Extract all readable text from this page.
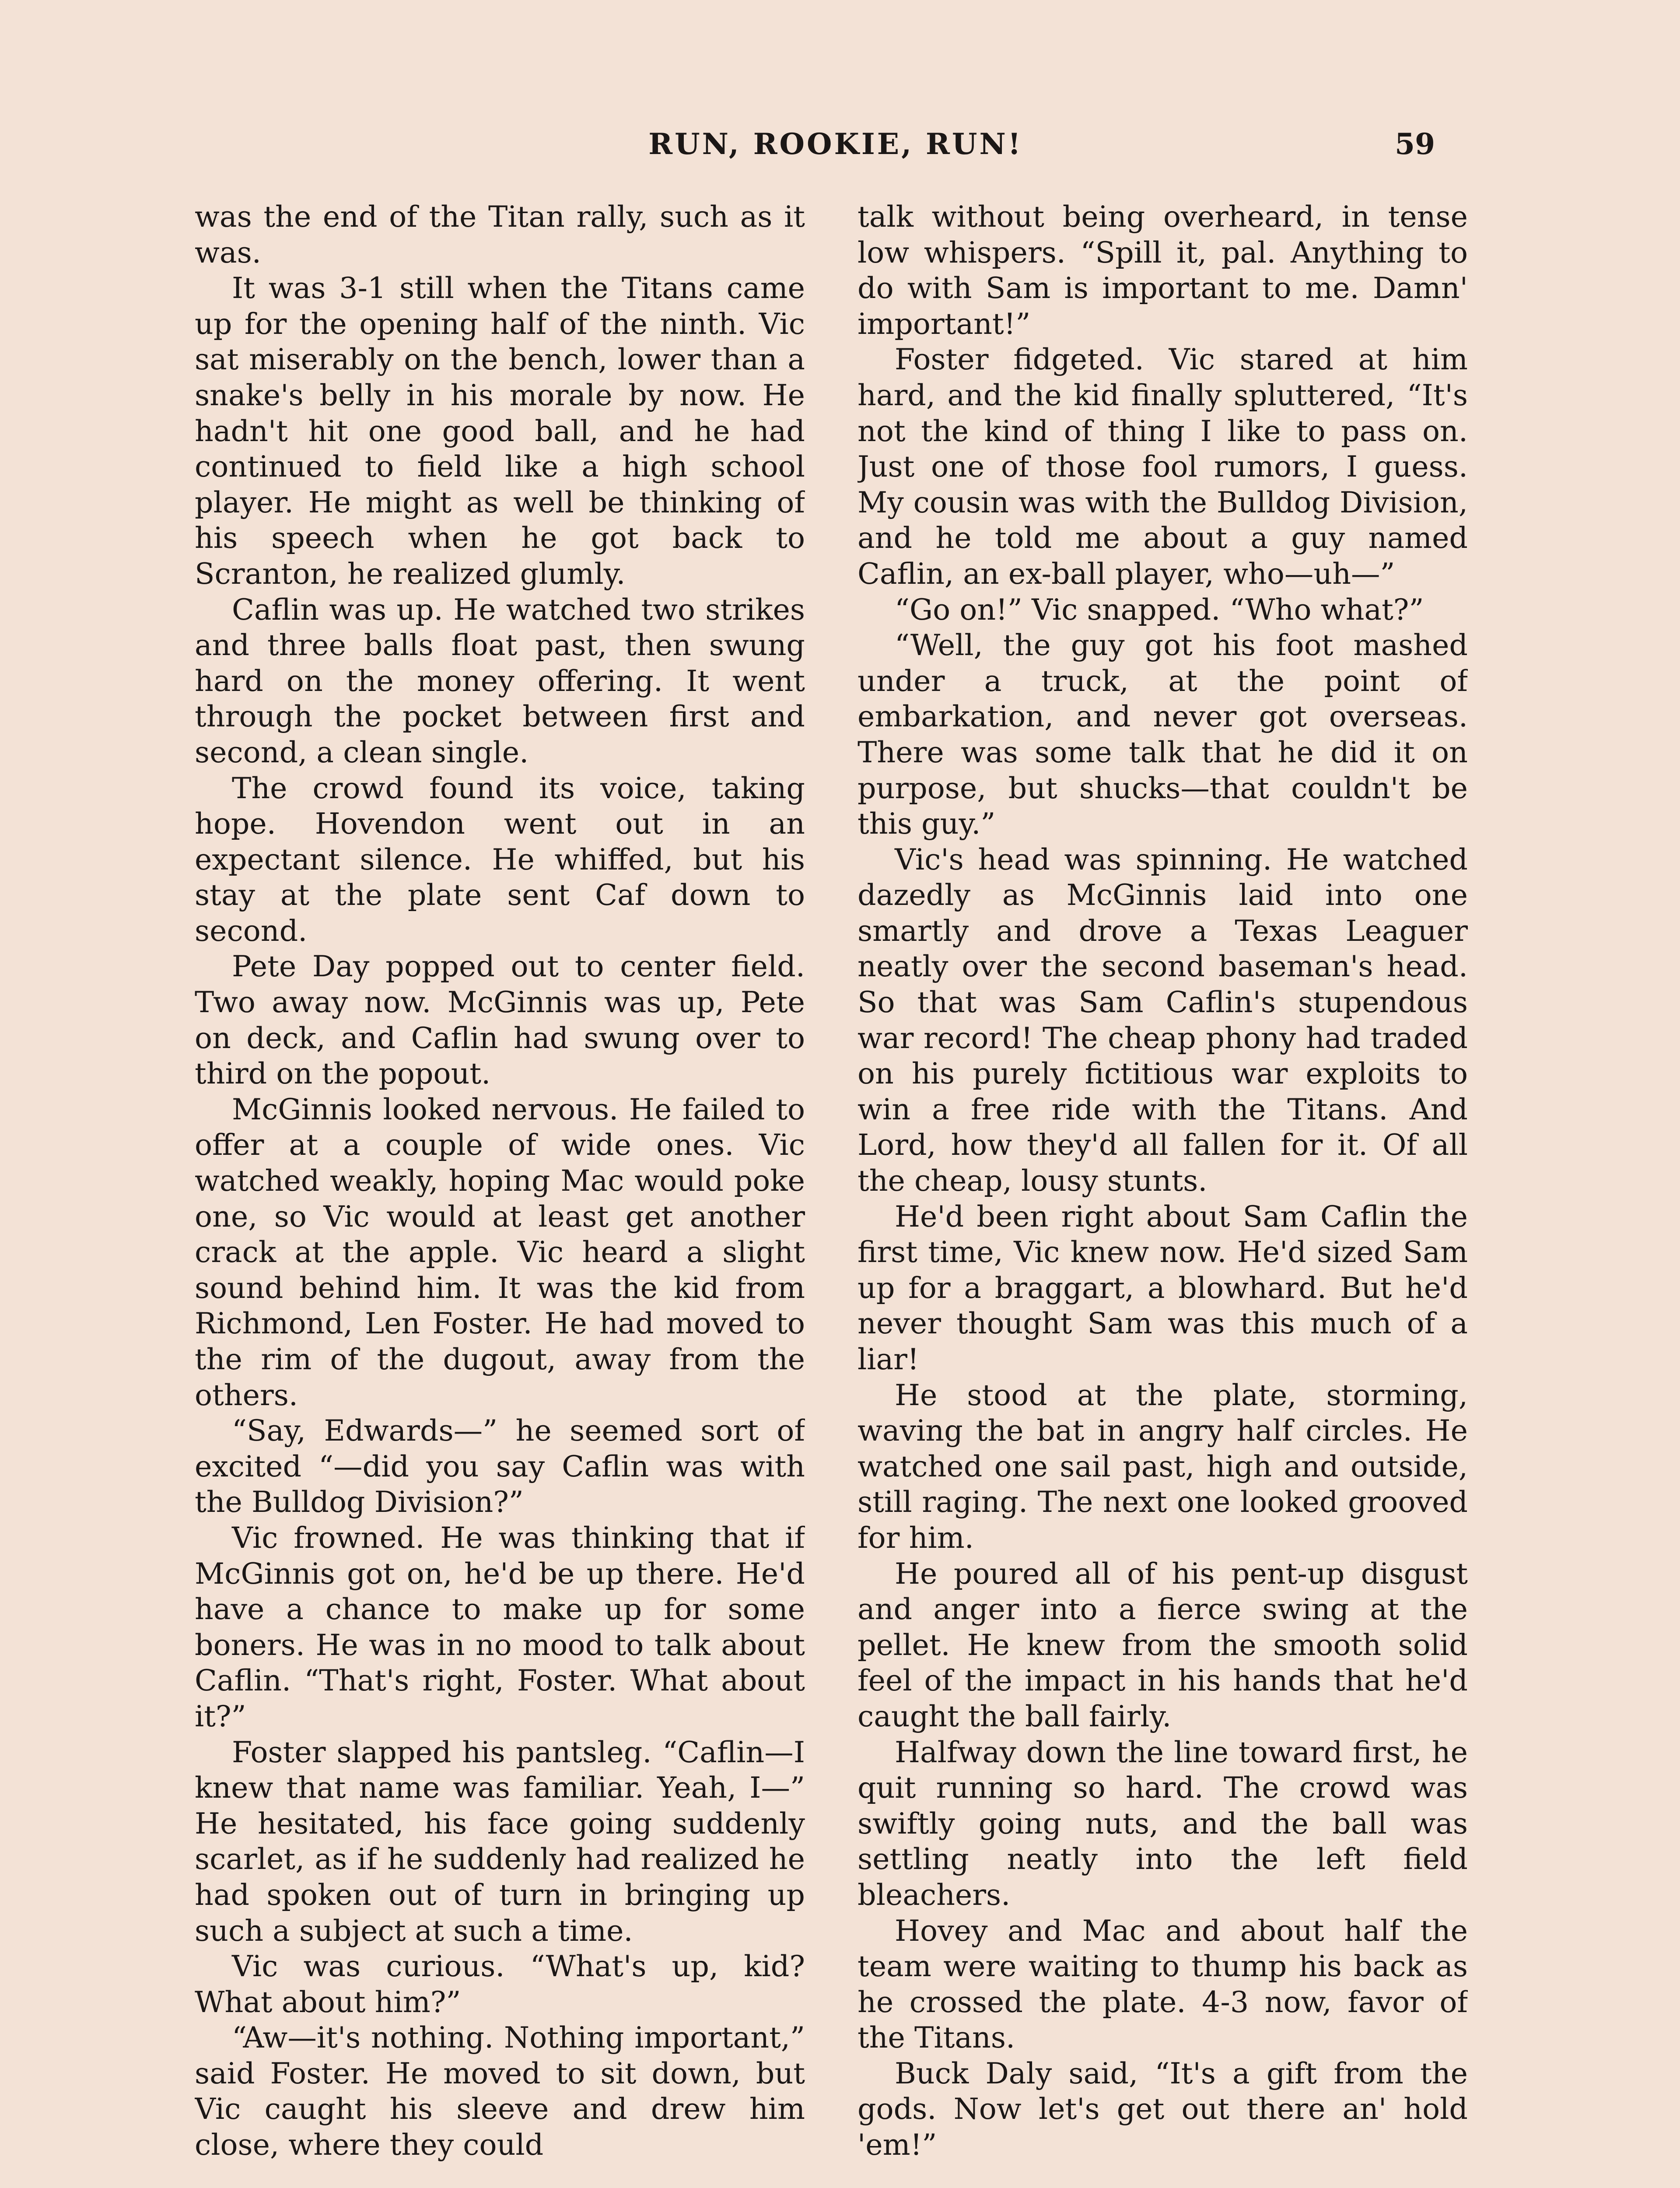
RUN, ROOKIE, RUN!	59

was the end of the Titan rally, such as it was.

It was 3-1 still when the Titans came up for the opening half of the ninth. Vic sat miserably on the bench, lower than a snake's belly in his morale by now. He hadn't hit one good ball, and he had continued to field like a high school player. He might as well be thinking of his speech when he got back to Scranton, he realized glumly.

Caflin was up. He watched two strikes and three balls float past, then swung hard on the money offering. It went through the pocket between first and second, a clean single.

The crowd found its voice, taking hope. Hovendon went out in an expectant silence. He whiffed, but his stay at the plate sent Caf down to second.

Pete Day popped out to center field. Two away now. McGinnis was up, Pete on deck, and Caflin had swung over to third on the popout.

McGinnis looked nervous. He failed to offer at a couple of wide ones. Vic watched weakly, hoping Mac would poke one, so Vic would at least get another crack at the apple. Vic heard a slight sound behind him. It was the kid from Richmond, Len Foster. He had moved to the rim of the dugout, away from the others.

“Say, Edwards—” he seemed sort of excited “—did you say Caflin was with the Bulldog Division?”

Vic frowned. He was thinking that if McGinnis got on, he'd be up there. He'd have a chance to make up for some boners. He was in no mood to talk about Caflin. “That's right, Foster. What about it?”

Foster slapped his pantsleg. “Caflin—I knew that name was familiar. Yeah, I—” He hesitated, his face going suddenly scarlet, as if he suddenly had realized he had spoken out of turn in bringing up such a subject at such a time.

Vic was curious. “What's up, kid? What about him?”

“Aw—it's nothing. Nothing important,” said Foster. He moved to sit down, but Vic caught his sleeve and drew him close, where they could

talk without being overheard, in tense low whispers. “Spill it, pal. Anything to do with Sam is important to me. Damn' important!”

Foster fidgeted. Vic stared at him hard, and the kid finally spluttered, “It's not the kind of thing I like to pass on. Just one of those fool rumors, I guess. My cousin was with the Bulldog Division, and he told me about a guy named Caflin, an ex-ball player, who—uh—”

“Go on!” Vic snapped. “Who what?”

“Well, the guy got his foot mashed under a truck, at the point of embarkation, and never got overseas. There was some talk that he did it on purpose, but shucks—that couldn't be this guy.”

Vic's head was spinning. He watched dazedly as McGinnis laid into one smartly and drove a Texas Leaguer neatly over the second baseman's head. So that was Sam Caflin's stupendous war record! The cheap phony had traded on his purely fictitious war exploits to win a free ride with the Titans. And Lord, how they'd all fallen for it. Of all the cheap, lousy stunts.

He'd been right about Sam Caflin the first time, Vic knew now. He'd sized Sam up for a braggart, a blowhard. But he'd never thought Sam was this much of a liar!

He stood at the plate, storming, waving the bat in angry half circles. He watched one sail past, high and outside, still raging. The next one looked grooved for him.

He poured all of his pent-up disgust and anger into a fierce swing at the pellet. He knew from the smooth solid feel of the impact in his hands that he'd caught the ball fairly.

Halfway down the line toward first, he quit running so hard. The crowd was swiftly going nuts, and the ball was settling neatly into the left field bleachers.

Hovey and Mac and about half the team were waiting to thump his back as he crossed the plate. 4-3 now, favor of the Titans.

Buck Daly said, “It's a gift from the gods. Now let's get out there an' hold 'em!”
